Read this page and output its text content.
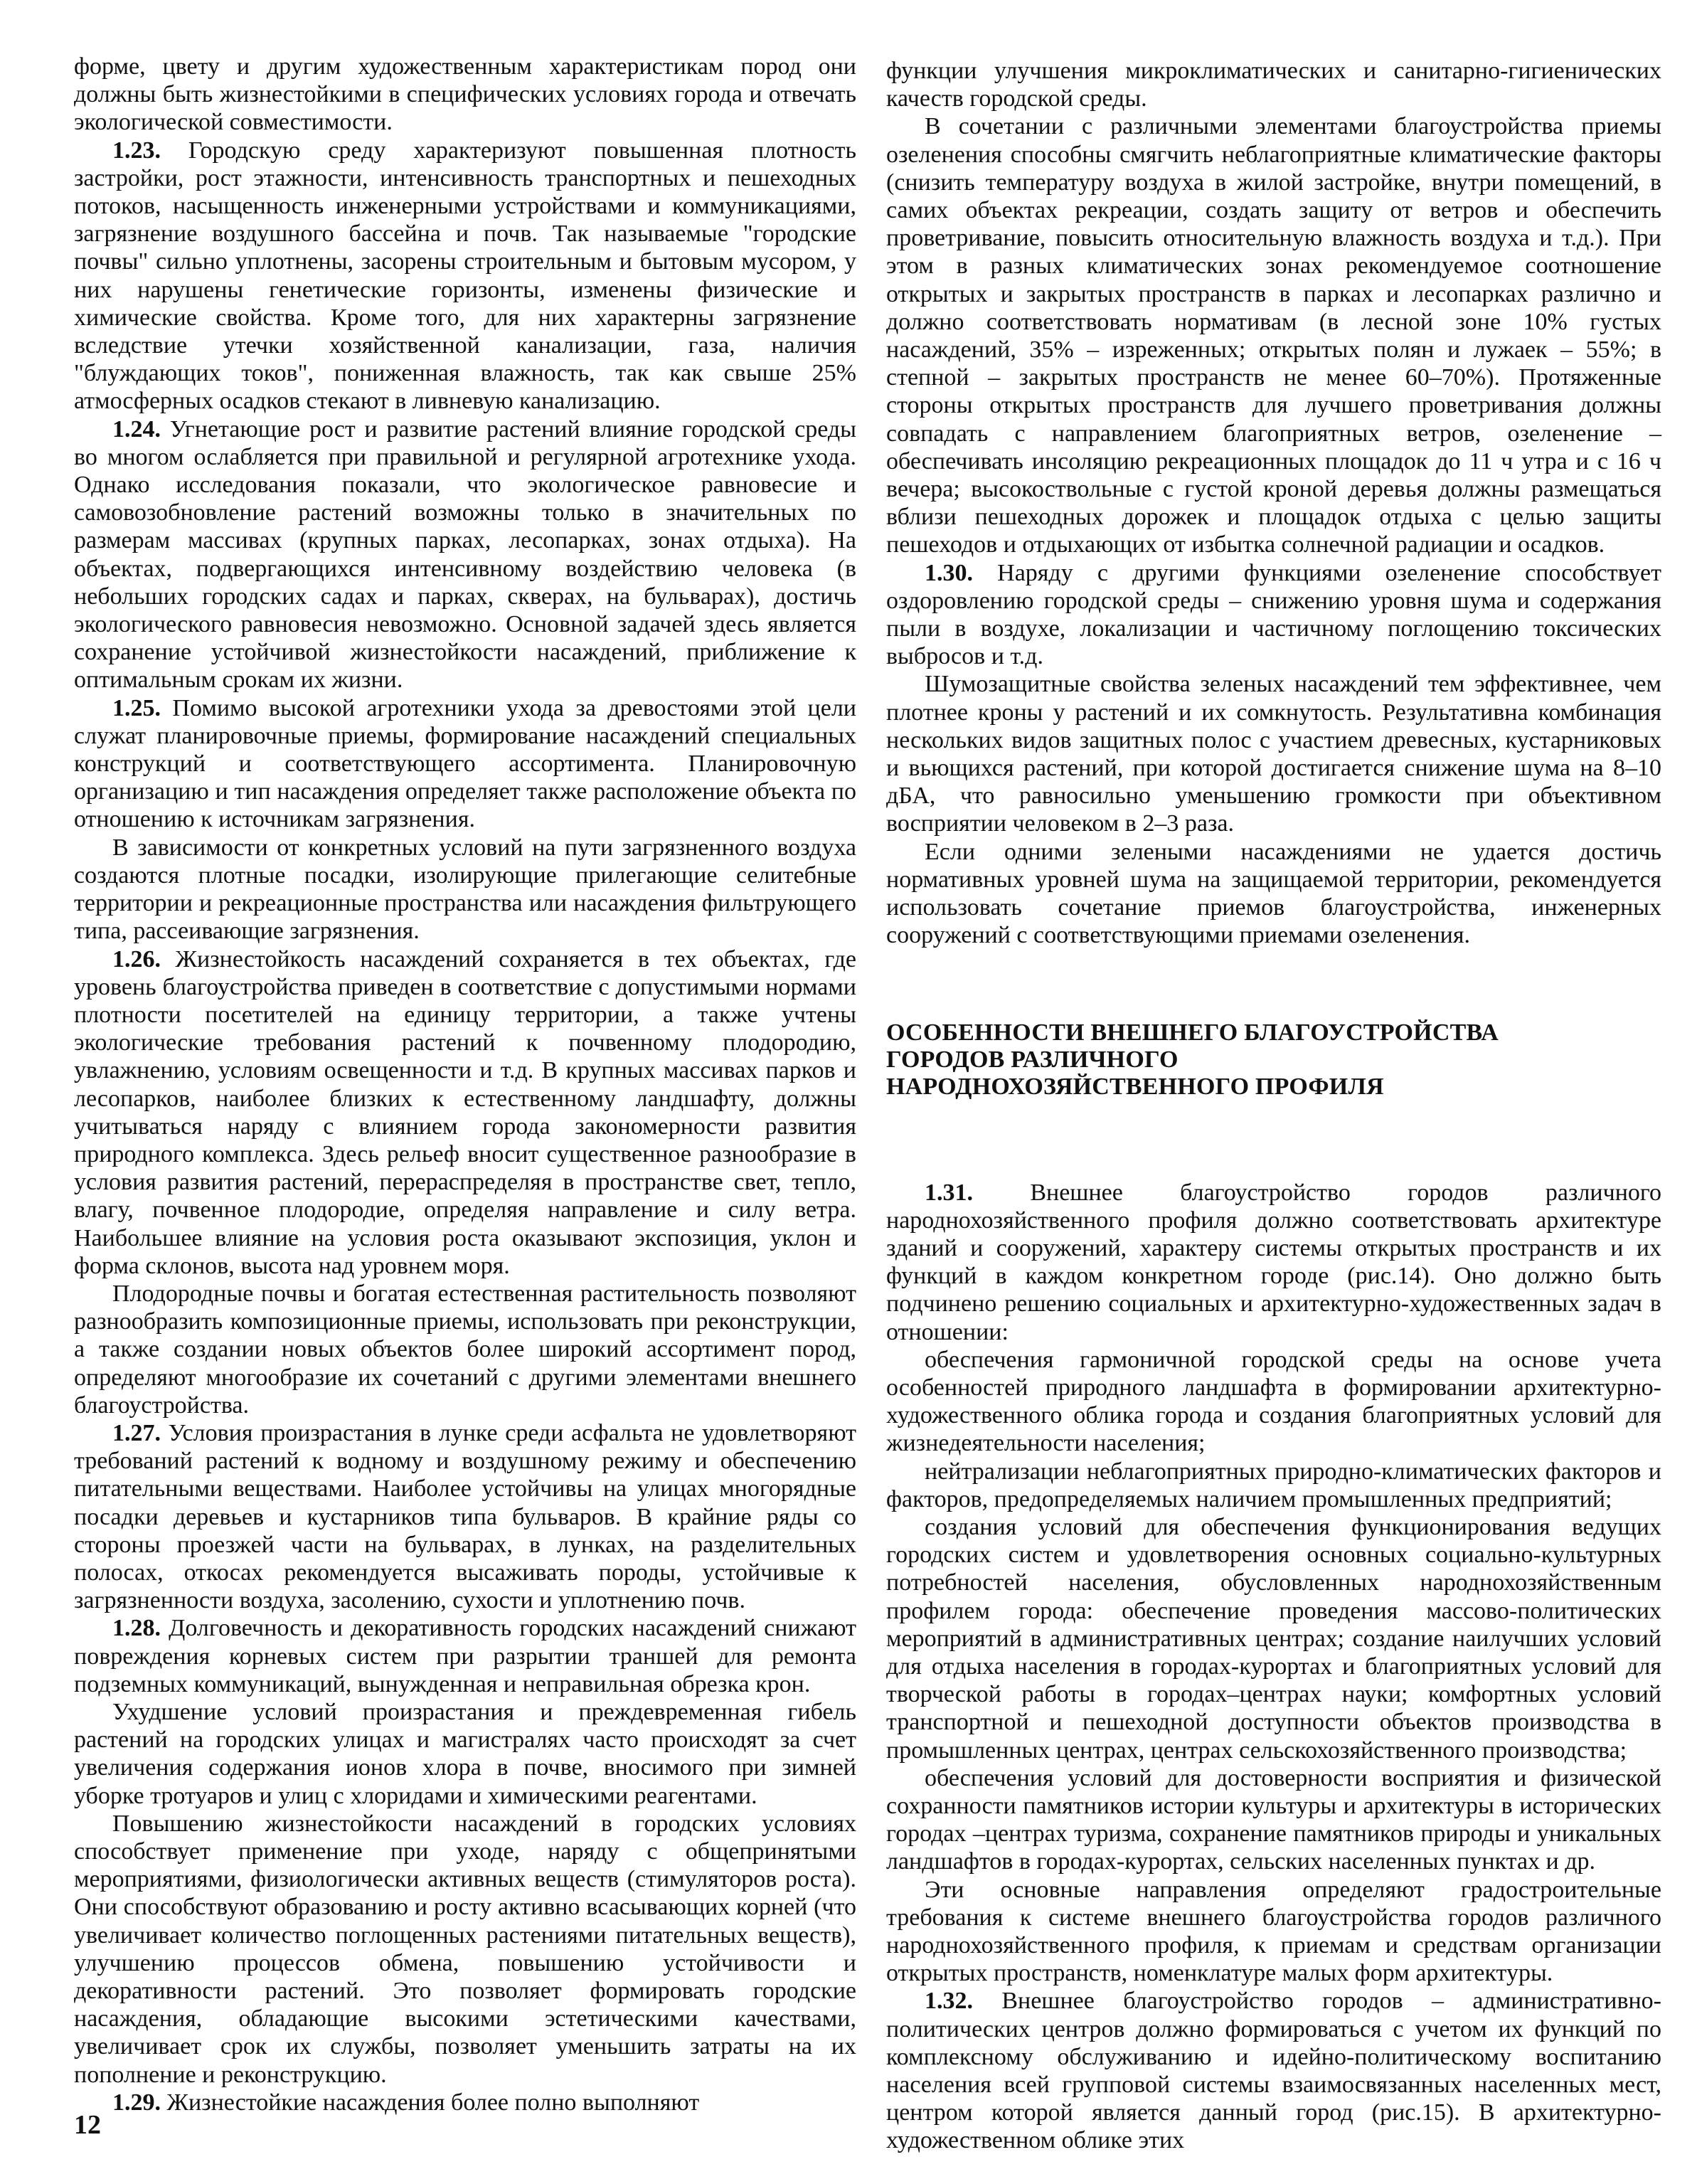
форме, цвету и другим художественным характеристикам пород они должны быть жизнестойкими в специфических условиях города и отвечать экологической совместимости.

1.23. Городскую среду характеризуют повышенная плотность застройки, рост этажности, интенсивность транспортных и пешеходных потоков, насыщенность инженерными устройствами и коммуникациями, загрязнение воздушного бассейна и почв. Так называемые "городские почвы" сильно уплотнены, засорены строительным и бытовым мусором, у них нарушены генетические горизонты, изменены физические и химические свойства. Кроме того, для них характерны загрязнение вследствие утечки хозяйственной канализации, газа, наличия "блуждающих токов", пониженная влажность, так как свыше 25% атмосферных осадков стекают в ливневую канализацию.

1.24. Угнетающие рост и развитие растений влияние городской среды во многом ослабляется при правильной и регулярной агротехнике ухода. Однако исследования показали, что экологическое равновесие и самовозобновление растений возможны только в значительных по размерам массивах (крупных парках, лесопарках, зонах отдыха). На объектах, подвергающихся интенсивному воздействию человека (в небольших городских садах и парках, скверах, на бульварах), достичь экологического равновесия невозможно. Основной задачей здесь является сохранение устойчивой жизнестойкости насаждений, приближение к оптимальным срокам их жизни.

1.25. Помимо высокой агротехники ухода за древостоями этой цели служат планировочные приемы, формирование насаждений специальных конструкций и соответствующего ассортимента. Планировочную организацию и тип насаждения определяет также расположение объекта по отношению к источникам загрязнения.

В зависимости от конкретных условий на пути загрязненного воздуха создаются плотные посадки, изолирующие прилегающие селитебные территории и рекреационные пространства или насаждения фильтрующего типа, рассеивающие загрязнения.

1.26. Жизнестойкость насаждений сохраняется в тех объектах, где уровень благоустройства приведен в соответствие с допустимыми нормами плотности посетителей на единицу территории, а также учтены экологические требования растений к почвенному плодородию, увлажнению, условиям освещенности и т.д. В крупных массивах парков и лесопарков, наиболее близких к естественному ландшафту, должны учитываться наряду с влиянием города закономерности развития природного комплекса. Здесь рельеф вносит существенное разнообразие в условия развития растений, перераспределяя в пространстве свет, тепло, влагу, почвенное плодородие, определяя направление и силу ветра. Наибольшее влияние на условия роста оказывают экспозиция, уклон и форма склонов, высота над уровнем моря.

Плодородные почвы и богатая естественная растительность позволяют разнообразить композиционные приемы, использовать при реконструкции, а также создании новых объектов более широкий ассортимент пород, определяют многообразие их сочетаний с другими элементами внешнего благоустройства.

1.27. Условия произрастания в лунке среди асфальта не удовлетворяют требований растений к водному и воздушному режиму и обеспечению питательными веществами. Наиболее устойчивы на улицах многорядные посадки деревьев и кустарников типа бульваров. В крайние ряды со стороны проезжей части на бульварах, в лунках, на разделительных полосах, откосах рекомендуется высаживать породы, устойчивые к загрязненности воздуха, засолению, сухости и уплотнению почв.

1.28. Долговечность и декоративность городских насаждений снижают повреждения корневых систем при разрытии траншей для ремонта подземных коммуникаций, вынужденная и неправильная обрезка крон.

Ухудшение условий произрастания и преждевременная гибель растений на городских улицах и магистралях часто происходят за счет увеличения содержания ионов хлора в почве, вносимого при зимней уборке тротуаров и улиц с хлоридами и химическими реагентами.

Повышению жизнестойкости насаждений в городских условиях способствует применение при уходе, наряду с общепринятыми мероприятиями, физиологически активных веществ (стимуляторов роста). Они способствуют образованию и росту активно всасывающих корней (что увеличивает количество поглощенных растениями питательных веществ), улучшению процессов обмена, повышению устойчивости и декоративности растений. Это позволяет формировать городские насаждения, обладающие высокими эстетическими качествами, увеличивает срок их службы, позволяет уменьшить затраты на их пополнение и реконструкцию.

1.29. Жизнестойкие насаждения более полно выполняют

функции улучшения микроклиматических и санитарно-гигиенических качеств городской среды.

В сочетании с различными элементами благоустройства приемы озеленения способны смягчить неблагоприятные климатические факторы (снизить температуру воздуха в жилой застройке, внутри помещений, в самих объектах рекреации, создать защиту от ветров и обеспечить проветривание, повысить относительную влажность воздуха и т.д.). При этом в разных климатических зонах рекомендуемое соотношение открытых и закрытых пространств в парках и лесопарках различно и должно соответствовать нормативам (в лесной зоне 10% густых насаждений, 35% – изреженных; открытых полян и лужаек – 55%; в степной – закрытых пространств не менее 60–70%). Протяженные стороны открытых пространств для лучшего проветривания должны совпадать с направлением благоприятных ветров, озеленение – обеспечивать инсоляцию рекреационных площадок до 11 ч утра и с 16 ч вечера; высокоствольные с густой кроной деревья должны размещаться вблизи пешеходных дорожек и площадок отдыха с целью защиты пешеходов и отдыхающих от избытка солнечной радиации и осадков.

1.30. Наряду с другими функциями озеленение способствует оздоровлению городской среды – снижению уровня шума и содержания пыли в воздухе, локализации и частичному поглощению токсических выбросов и т.д.

Шумозащитные свойства зеленых насаждений тем эффективнее, чем плотнее кроны у растений и их сомкнутость. Результативна комбинация нескольких видов защитных полос с участием древесных, кустарниковых и вьющихся растений, при которой достигается снижение шума на 8–10 дБА, что равносильно уменьшению громкости при объективном восприятии человеком в 2–3 раза.

Если одними зелеными насаждениями не удается достичь нормативных уровней шума на защищаемой территории, рекомендуется использовать сочетание приемов благоустройства, инженерных сооружений с соответствующими приемами озеленения.

ОСОБЕННОСТИ ВНЕШНЕГО БЛАГОУСТРОЙСТВА
ГОРОДОВ РАЗЛИЧНОГО
НАРОДНОХОЗЯЙСТВЕННОГО ПРОФИЛЯ

1.31. Внешнее благоустройство городов различного народнохозяйственного профиля должно соответствовать архитектуре зданий и сооружений, характеру системы открытых пространств и их функций в каждом конкретном городе (рис.14). Оно должно быть подчинено решению социальных и архитектурно-художественных задач в отношении:

обеспечения гармоничной городской среды на основе учета особенностей природного ландшафта в формировании архитектурно-художественного облика города и создания благоприятных условий для жизнедеятельности населения;

нейтрализации неблагоприятных природно-климатических факторов и факторов, предопределяемых наличием промышленных предприятий;

создания условий для обеспечения функционирования ведущих городских систем и удовлетворения основных социально-культурных потребностей населения, обусловленных народнохозяйственным профилем города: обеспечение проведения массово-политических мероприятий в административных центрах; создание наилучших условий для отдыха населения в городах-курортах и благоприятных условий для творческой работы в городах–центрах науки; комфортных условий транспортной и пешеходной доступности объектов производства в промышленных центрах, центрах сельскохозяйственного производства;

обеспечения условий для достоверности восприятия и физической сохранности памятников истории культуры и архитектуры в исторических городах –центрах туризма, сохранение памятников природы и уникальных ландшафтов в городах-курортах, сельских населенных пунктах и др.

Эти основные направления определяют градостроительные требования к системе внешнего благоустройства городов различного народнохозяйственного профиля, к приемам и средствам организации открытых пространств, номенклатуре малых форм архитектуры.

1.32. Внешнее благоустройство городов – административно-политических центров должно формироваться с учетом их функций по комплексному обслуживанию и идейно-политическому воспитанию населения всей групповой системы взаимосвязанных населенных мест, центром которой является данный город (рис.15). В архитектурно-художественном облике этих

12
